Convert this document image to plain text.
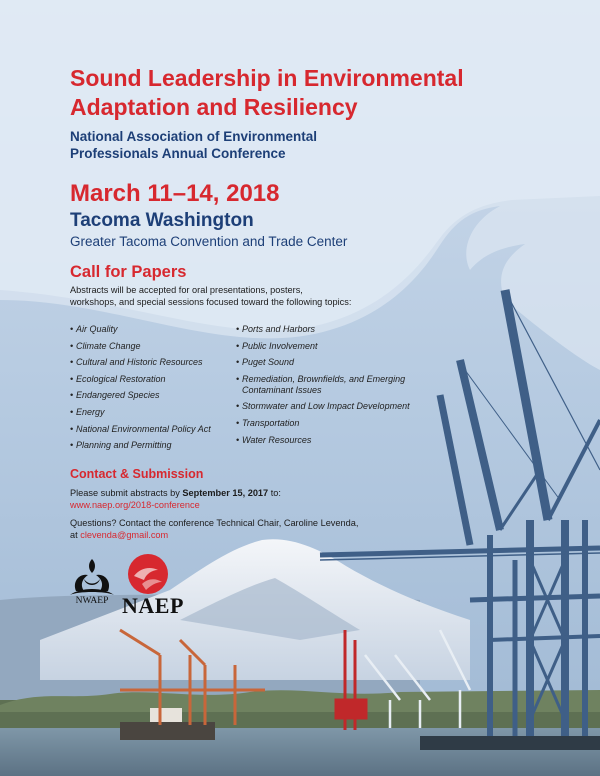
Sound Leadership in Environmental
Adaptation and Resiliency
National Association of Environmental
Professionals Annual Conference
March 11–14, 2018
Tacoma Washington
Greater Tacoma Convention and Trade Center
Call for Papers
Abstracts will be accepted for oral presentations, posters,
workshops, and special sessions focused toward the following topics:
• Air Quality
• Climate Change
• Cultural and Historic Resources
• Ecological Restoration
• Endangered Species
• Energy
• National Environmental Policy Act
• Planning and Permitting
• Ports and Harbors
• Public Involvement
• Puget Sound
• Remediation, Brownfields, and Emerging Contaminant Issues
• Stormwater and Low Impact Development
• Transportation
• Water Resources
Contact & Submission
Please submit abstracts by September 15, 2017 to:
www.naep.org/2018-conference
Questions? Contact the conference Technical Chair, Caroline Levenda, at clevenda@gmail.com
NWAEP NAEP
